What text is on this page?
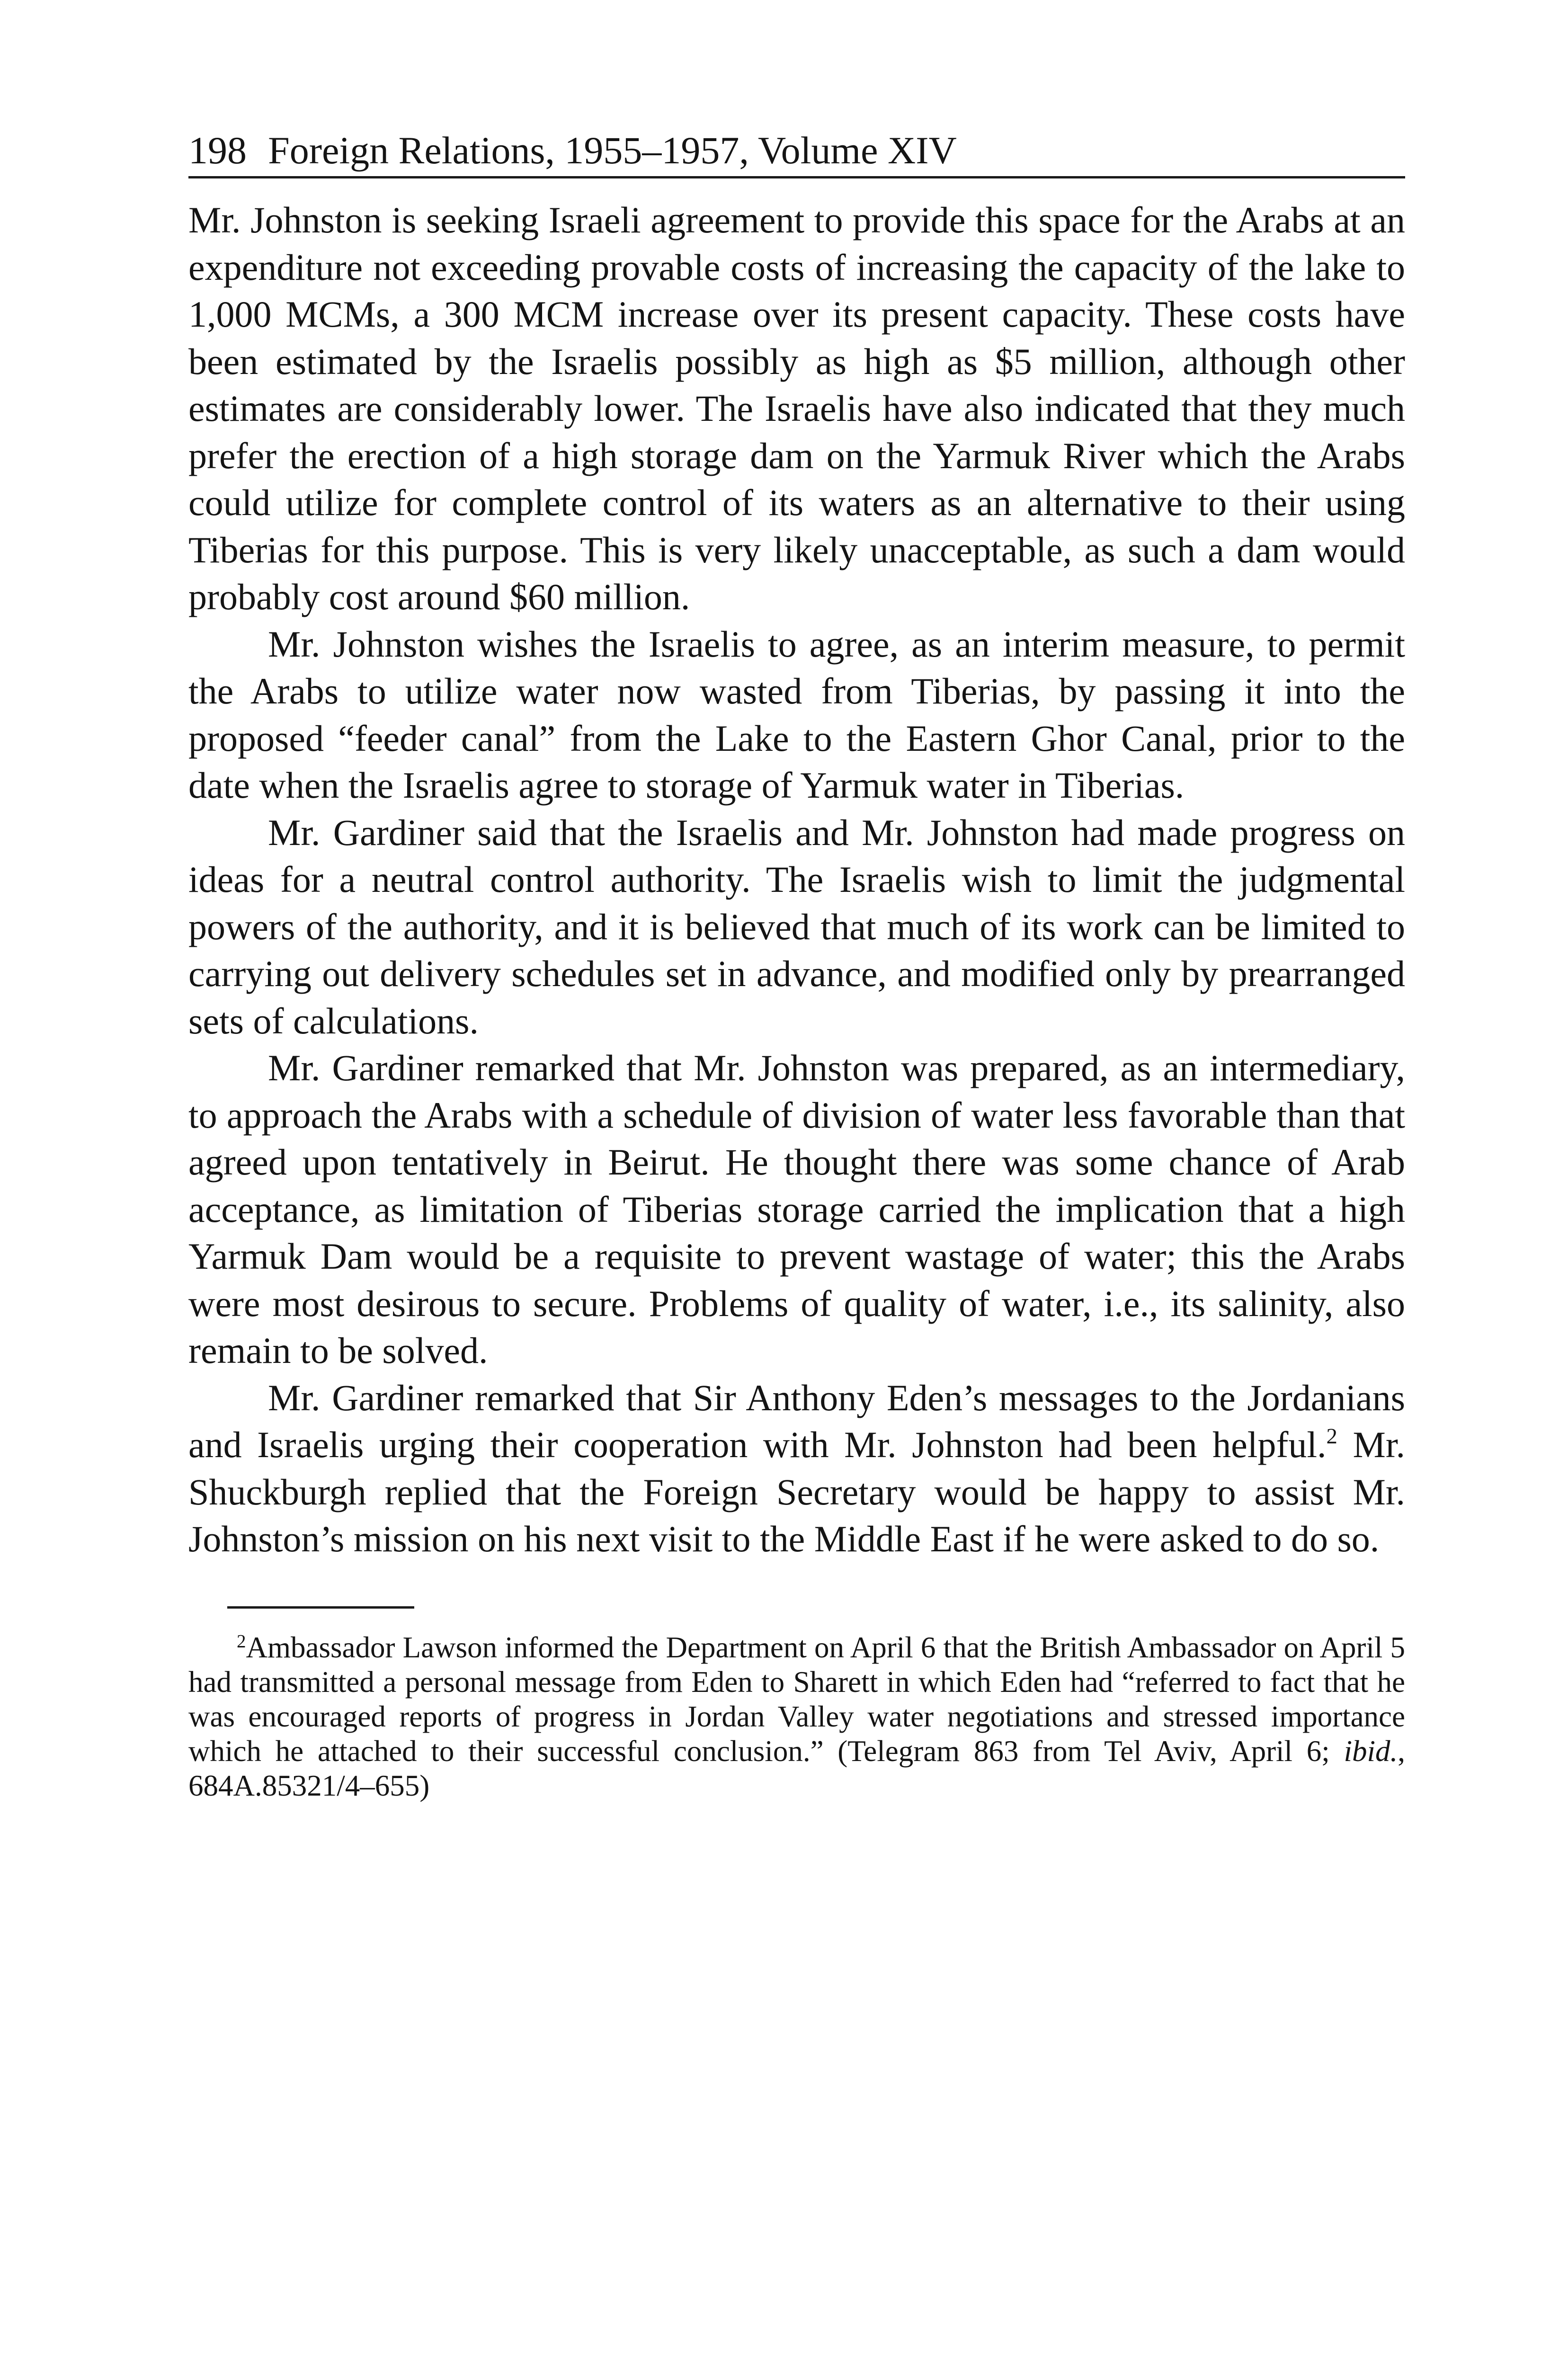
198 Foreign Relations, 1955–1957, Volume XIV

Mr. Johnston is seeking Israeli agreement to provide this space for the Arabs at an expenditure not exceeding provable costs of increasing the capacity of the lake to 1,000 MCMs, a 300 MCM increase over its present capacity. These costs have been estimated by the Israelis possibly as high as $5 million, although other estimates are considerably lower. The Israelis have also indicated that they much prefer the erection of a high storage dam on the Yarmuk River which the Arabs could utilize for complete control of its waters as an alternative to their using Tiberias for this purpose. This is very likely unacceptable, as such a dam would probably cost around $60 million.

Mr. Johnston wishes the Israelis to agree, as an interim measure, to permit the Arabs to utilize water now wasted from Tiberias, by passing it into the proposed “feeder canal” from the Lake to the Eastern Ghor Canal, prior to the date when the Israelis agree to storage of Yarmuk water in Tiberias.

Mr. Gardiner said that the Israelis and Mr. Johnston had made progress on ideas for a neutral control authority. The Israelis wish to limit the judgmental powers of the authority, and it is believed that much of its work can be limited to carrying out delivery schedules set in advance, and modified only by prearranged sets of calculations.

Mr. Gardiner remarked that Mr. Johnston was prepared, as an intermediary, to approach the Arabs with a schedule of division of water less favorable than that agreed upon tentatively in Beirut. He thought there was some chance of Arab acceptance, as limitation of Tiberias storage carried the implication that a high Yarmuk Dam would be a requisite to prevent wastage of water; this the Arabs were most desirous to secure. Problems of quality of water, i.e., its salinity, also remain to be solved.

Mr. Gardiner remarked that Sir Anthony Eden’s messages to the Jordanians and Israelis urging their cooperation with Mr. Johnston had been helpful.$^2$ Mr. Shuckburgh replied that the Foreign Secretary would be happy to assist Mr. Johnston’s mission on his next visit to the Middle East if he were asked to do so.

$^2$Ambassador Lawson informed the Department on April 6 that the British Ambassador on April 5 had transmitted a personal message from Eden to Sharett in which Eden had “referred to fact that he was encouraged reports of progress in Jordan Valley water negotiations and stressed importance which he attached to their successful conclusion.” (Telegram 863 from Tel Aviv, April 6; ibid., 684A.85321/4–655)
